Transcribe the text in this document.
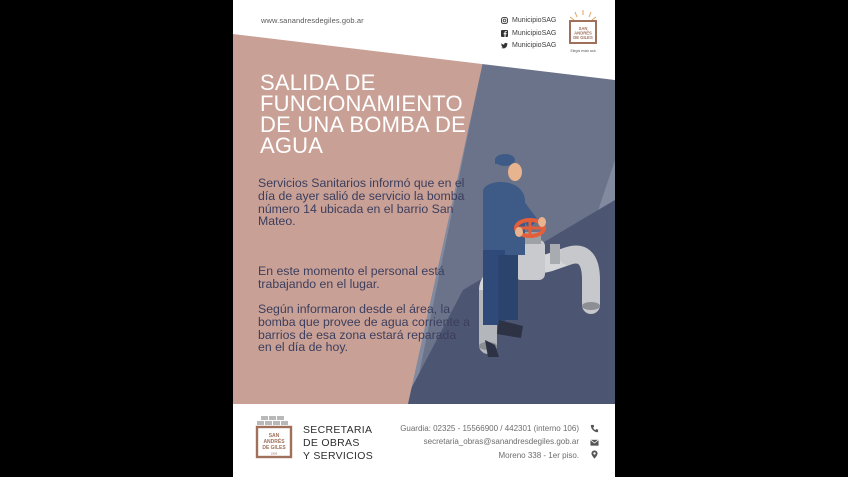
www.sanandresdegiles.gob.ar	MunicipioSAG
MunicipioSAG
MunicipioSAG
SAN
ANDRÉS
DE GILES
Elegís estar acá
SALIDA DE FUNCIONAMIENTO DE UNA BOMBA DE AGUA
Servicios Sanitarios informó que en el día de ayer salió de servicio la bomba número 14 ubicada en el barrio San Mateo.
En este momento el personal está trabajando en el lugar.
Según informaron desde el área, la bomba que provee de agua corriente a barrios de esa zona estará reparada en el día de hoy.
SAN
ANDRÉS
DE GILES
1806
SECRETARIA
DE OBRAS
Y SERVICIOS
Guardia: 02325 - 15566900 / 442301 (interno 106)
secretaria_obras@sanandresdegiles.gob.ar
Moreno 338 - 1er piso.
